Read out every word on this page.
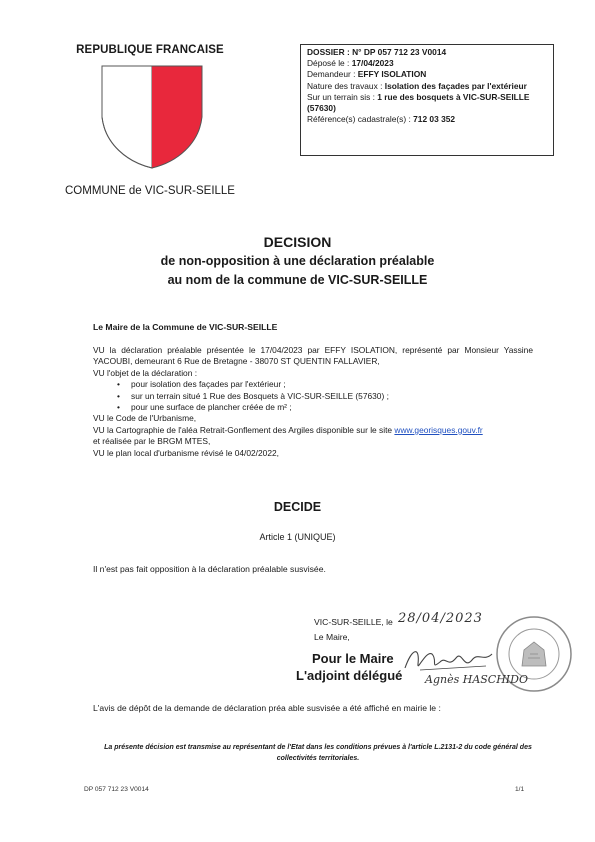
REPUBLIQUE FRANCAISE
COMMUNE de VIC-SUR-SEILLE
DOSSIER : N° DP 057 712 23 V0014
Déposé le : 17/04/2023
Demandeur : EFFY ISOLATION
Nature des travaux : Isolation des façades par l'extérieur
Sur un terrain sis : 1 rue des bosquets à VIC-SUR-SEILLE (57630)
Référence(s) cadastrale(s) : 712 03 352
DECISION
de non-opposition à une déclaration préalable
au nom de la commune de VIC-SUR-SEILLE
Le Maire de la Commune de VIC-SUR-SEILLE

VU la déclaration préalable présentée le 17/04/2023 par EFFY ISOLATION, représenté par Monsieur Yassine YACOUBI, demeurant 6 Rue de Bretagne - 38070 ST QUENTIN FALLAVIER,

VU l'objet de la déclaration :

• pour isolation des façades par l'extérieur ;
• sur un terrain situé 1 Rue des Bosquets à VIC-SUR-SEILLE (57630) ;
• pour une surface de plancher créée de m² ;

VU le Code de l'Urbanisme,

VU la Cartographie de l'aléa Retrait-Gonflement des Argiles disponible sur le site www.georisques.gouv.fr

et réalisée par le BRGM MTES,

VU le plan local d'urbanisme révisé le 04/02/2022,

DECIDE
Article 1 (UNIQUE)
Il n'est pas fait opposition à la déclaration préalable susvisée.
VIC-SUR-SEILLE, le 28/04/2023
Le Maire,
Pour le Maire
L'adjoint délégué Agnès HASCHIDO
L'avis de dépôt de la demande de déclaration préa able susvisée a été affiché en mairie le :
La présente décision est transmise au représentant de l'Etat dans les conditions prévues à l'article L.2131-2 du code général des collectivités territoriales.
DP 057 712 23 V0014	1/1
